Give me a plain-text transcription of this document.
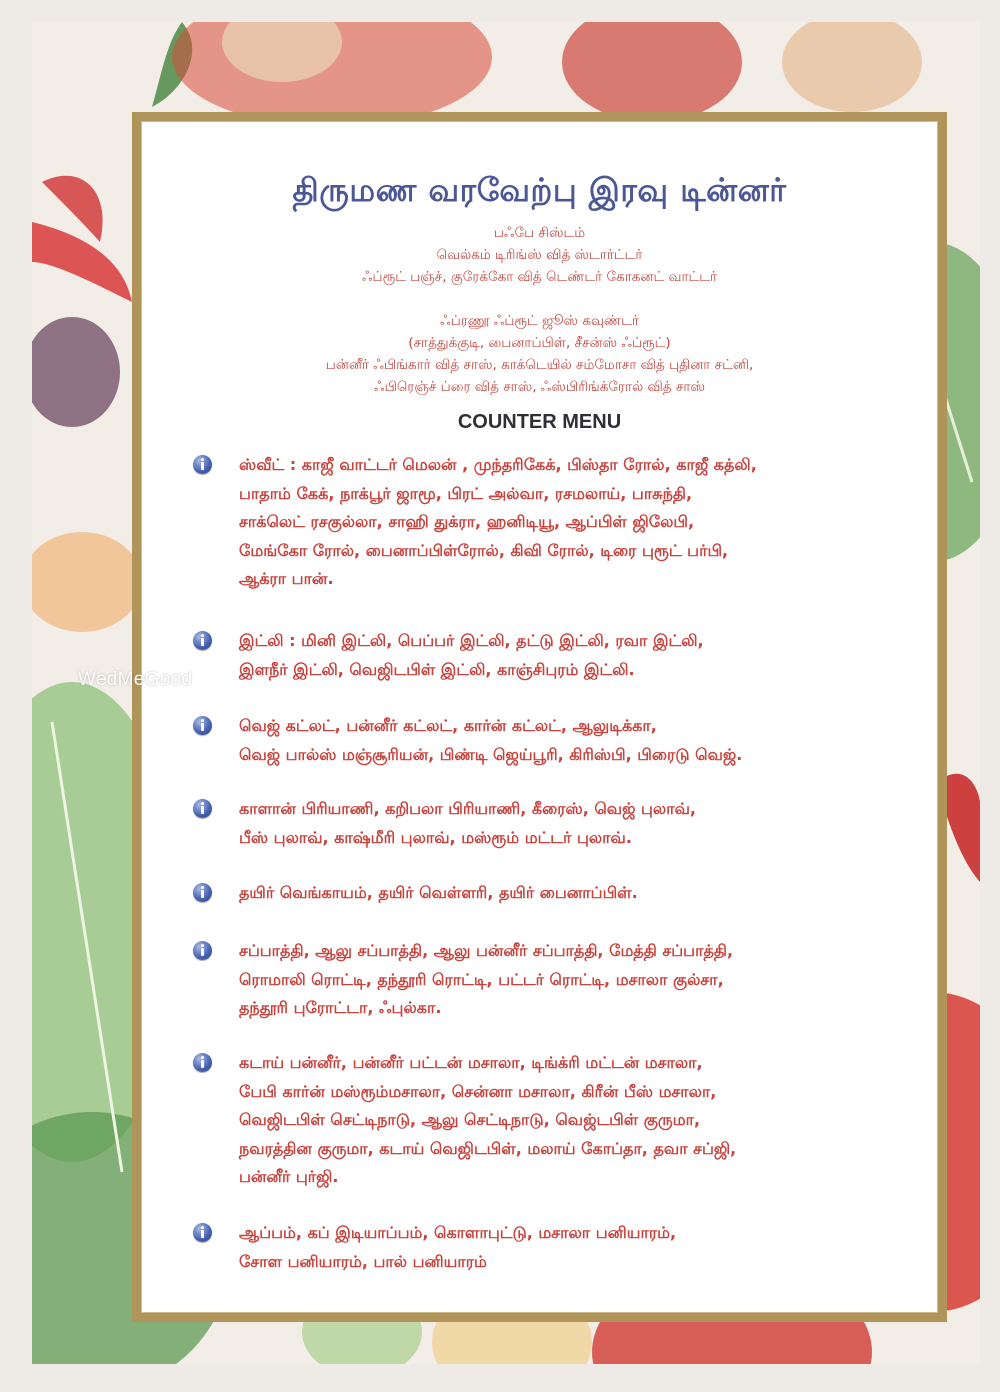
திருமண வரவேற்பு இரவு டின்னர்
பஃபே சிஸ்டம்
வெல்கம் டிரிங்ஸ் வித் ஸ்டார்ட்டர்
ஃப்ரூட் பஞ்ச், குரேக்கோ வித் டெண்டர் கோகனட் வாட்டர்
ஃப்ரணூ ஃப்ரூட் ஜூஸ் கவுண்டர்
(சாத்துக்குடி, பைனாப்பிள், சீசன்ஸ் ஃப்ரூட்)
பன்னீர் ஃபிங்கார் வித் சாஸ், காக்டெயில் சம்மோசா வித் புதினா சட்னி,
ஃபிரெஞ்ச் ப்ரை வித் சாஸ், ஃஸ்பிரிங்க்ரோல் வித் சாஸ்
COUNTER MENU
ஸ்வீட் : காஜீ வாட்டர் மெலன் , முந்தரிகேக், பிஸ்தா ரோல், காஜீ கத்லி,
பாதாம் கேக், நாக்பூர் ஜாமூ, பிரட் அல்வா, ரசமலாய், பாசுந்தி,
சாக்லெட் ரசகுல்லா, சாஹி துக்ரா, ஹனிடியூ, ஆப்பிள் ஜிலேபி,
மேங்கோ ரோல், பைனாப்பிள்ரோல், கிவி ரோல், டிரை புரூட் பர்பி,
ஆக்ரா பான்.
இட்லி : மினி இட்லி, பெப்பர் இட்லி, தட்டு இட்லி, ரவா இட்லி,
இளநீர் இட்லி, வெஜிடபிள் இட்லி, காஞ்சிபுரம் இட்லி.
வெஜ் கட்லட், பன்னீர் கட்லட், கார்ன் கட்லட், ஆலுடிக்கா,
வெஜ் பால்ஸ் மஞ்சூரியன், பிண்டி ஜெய்பூரி, கிரிஸ்பி, பிரைடு வெஜ்.
காளான் பிரியாணி, கறிபலா பிரியாணி, கீரைஸ், வெஜ் புலாவ்,
பீஸ் புலாவ், காஷ்மீரி புலாவ், மஸ்ரூம் மட்டர் புலாவ்.
தயிர் வெங்காயம், தயிர் வெள்ளரி, தயிர் பைனாப்பிள்.
சப்பாத்தி, ஆலு சப்பாத்தி, ஆலு பன்னீர் சப்பாத்தி, மேத்தி சப்பாத்தி,
ரொமாலி ரொட்டி, தந்தூரி ரொட்டி, பட்டர் ரொட்டி, மசாலா குல்சா,
தந்தூரி புரோட்டா, ஃபுல்கா.
கடாய் பன்னீர், பன்னீர் பட்டன் மசாலா, டிங்க்ரி மட்டன் மசாலா,
பேபி கார்ன் மஸ்ரூம்மசாலா, சென்னா மசாலா, கிரீன் பீஸ் மசாலா,
வெஜிடபிள் செட்டிநாடு, ஆலு செட்டிநாடு, வெஜ்டபிள் குருமா,
நவரத்தின குருமா, கடாய் வெஜிடபிள், மலாய் கோப்தா, தவா சப்ஜி,
பன்னீர் புர்ஜி.
ஆப்பம், கப் இடியாப்பம், கொளாபுட்டு, மசாலா பனியாரம்,
சோள பனியாரம், பால் பனியாரம்
WedMeGood
